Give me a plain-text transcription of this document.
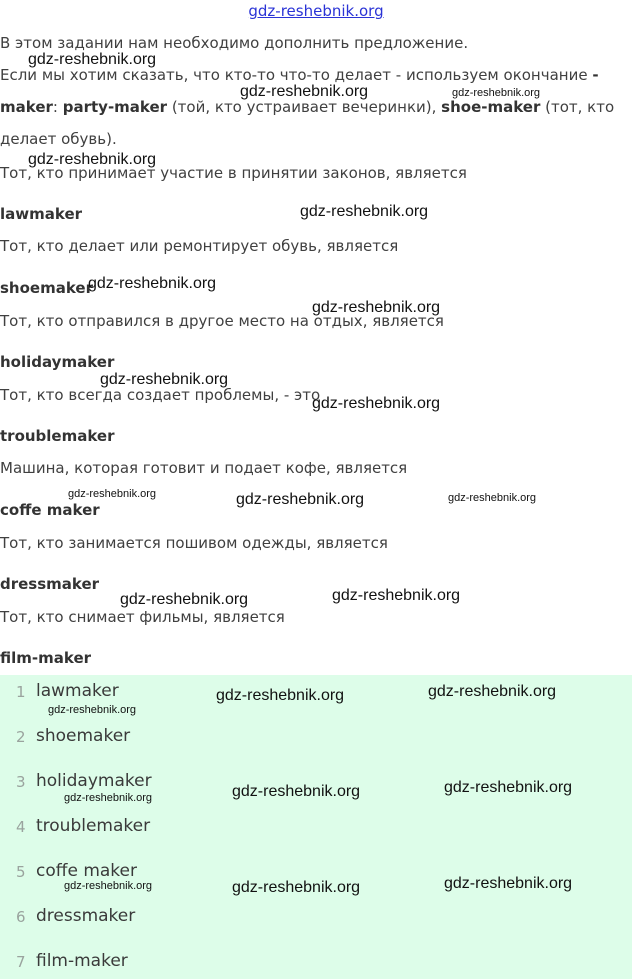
gdz-reshebnik.org
В этом задании нам необходимо дополнить предложение.
Если мы хотим сказать, что кто-то что-то делает - используем окончание -
maker: party-maker (той, кто устраивает вечеринки), shoe-maker (тот, кто
делает обувь).
Тот, кто принимает участие в принятии законов, является
lawmaker
Тот, кто делает или ремонтирует обувь, является
shoemaker
Тот, кто отправился в другое место на отдых, является
holidaymaker
Тот, кто всегда создает проблемы, - это
troublemaker
Машина, которая готовит и подает кофе, является
coffe maker
Тот, кто занимается пошивом одежды, является
dressmaker
Тот, кто снимает фильмы, является
film-maker
1 lawmaker
2 shoemaker
3 holidaymaker
4 troublemaker
5 coffe maker
6 dressmaker
7 film-maker
gdz-reshebnik.org
gdz-reshebnik.org	gdz-reshebnik.org
gdz-reshebnik.org
gdz-reshebnik.org
gdz-reshebnik.org
gdz-reshebnik.org
gdz-reshebnik.org
gdz-reshebnik.org
gdz-reshebnik.org	gdz-reshebnik.org	gdz-reshebnik.org
gdz-reshebnik.org	gdz-reshebnik.org
gdz-reshebnik.org	gdz-reshebnik.org
gdz-reshebnik.org
gdz-reshebnik.org	gdz-reshebnik.org
gdz-reshebnik.org
gdz-reshebnik.org	gdz-reshebnik.org
gdz-reshebnik.org
